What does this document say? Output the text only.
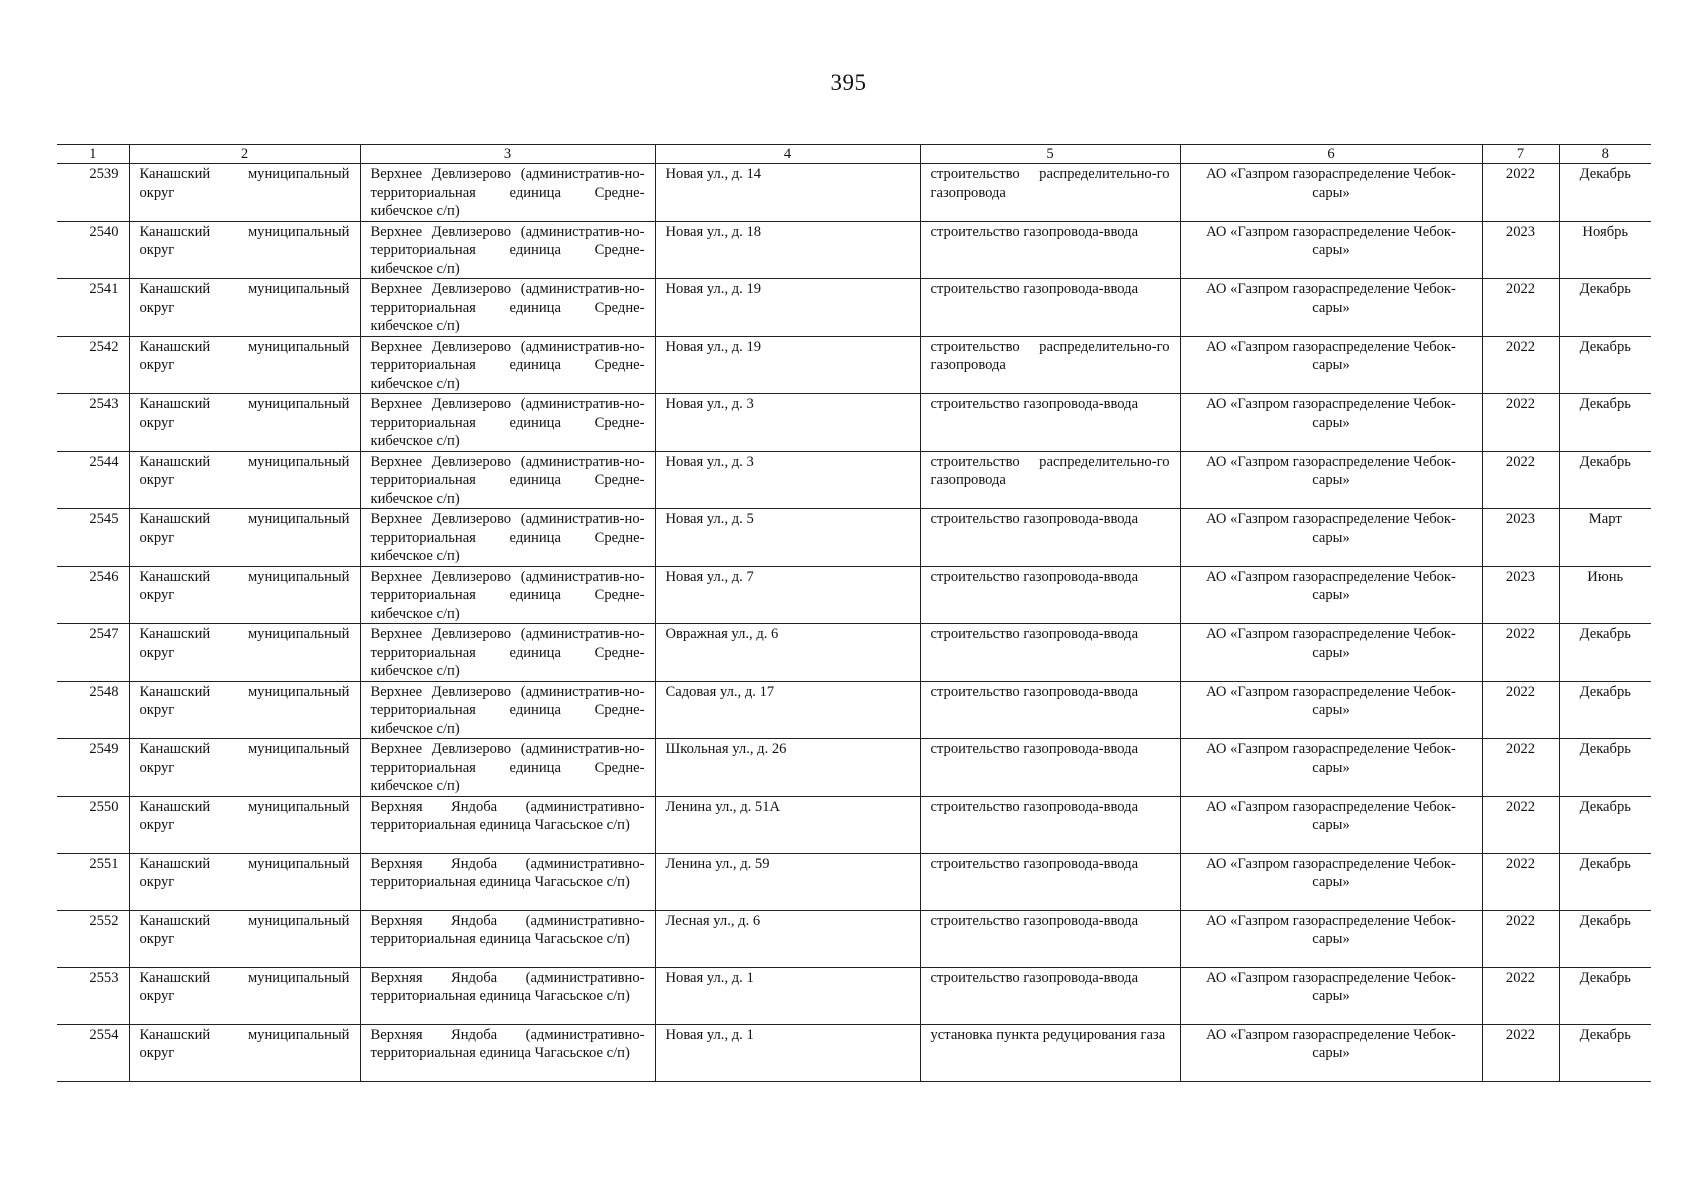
395
1	2	3	4	5	6	7	8
2539	Канашский муниципальный округ	Верхнее Девлизерово (административ-но-территориальная единица Средне-кибечское с/п)	Новая ул., д. 14	строительство распределительно-го газопровода	АО «Газпром газораспределение Чебок-сары»	2022	Декабрь
2540	Канашский муниципальный округ	Верхнее Девлизерово (административ-но-территориальная единица Средне-кибечское с/п)	Новая ул., д. 18	строительство газопровода-ввода	АО «Газпром газораспределение Чебок-сары»	2023	Ноябрь
2541	Канашский муниципальный округ	Верхнее Девлизерово (административ-но-территориальная единица Средне-кибечское с/п)	Новая ул., д. 19	строительство газопровода-ввода	АО «Газпром газораспределение Чебок-сары»	2022	Декабрь
2542	Канашский муниципальный округ	Верхнее Девлизерово (административ-но-территориальная единица Средне-кибечское с/п)	Новая ул., д. 19	строительство распределительно-го газопровода	АО «Газпром газораспределение Чебок-сары»	2022	Декабрь
2543	Канашский муниципальный округ	Верхнее Девлизерово (административ-но-территориальная единица Средне-кибечское с/п)	Новая ул., д. 3	строительство газопровода-ввода	АО «Газпром газораспределение Чебок-сары»	2022	Декабрь
2544	Канашский муниципальный округ	Верхнее Девлизерово (административ-но-территориальная единица Средне-кибечское с/п)	Новая ул., д. 3	строительство распределительно-го газопровода	АО «Газпром газораспределение Чебок-сары»	2022	Декабрь
2545	Канашский муниципальный округ	Верхнее Девлизерово (административ-но-территориальная единица Средне-кибечское с/п)	Новая ул., д. 5	строительство газопровода-ввода	АО «Газпром газораспределение Чебок-сары»	2023	Март
2546	Канашский муниципальный округ	Верхнее Девлизерово (административ-но-территориальная единица Средне-кибечское с/п)	Новая ул., д. 7	строительство газопровода-ввода	АО «Газпром газораспределение Чебок-сары»	2023	Июнь
2547	Канашский муниципальный округ	Верхнее Девлизерово (административ-но-территориальная единица Средне-кибечское с/п)	Овражная ул., д. 6	строительство газопровода-ввода	АО «Газпром газораспределение Чебок-сары»	2022	Декабрь
2548	Канашский муниципальный округ	Верхнее Девлизерово (административ-но-территориальная единица Средне-кибечское с/п)	Садовая ул., д. 17	строительство газопровода-ввода	АО «Газпром газораспределение Чебок-сары»	2022	Декабрь
2549	Канашский муниципальный округ	Верхнее Девлизерово (административ-но-территориальная единица Средне-кибечское с/п)	Школьная ул., д. 26	строительство газопровода-ввода	АО «Газпром газораспределение Чебок-сары»	2022	Декабрь
2550	Канашский муниципальный округ	Верхняя Яндоба (административно-территориальная единица Чагасьское с/п)	Ленина ул., д. 51А	строительство газопровода-ввода	АО «Газпром газораспределение Чебок-сары»	2022	Декабрь
2551	Канашский муниципальный округ	Верхняя Яндоба (административно-территориальная единица Чагасьское с/п)	Ленина ул., д. 59	строительство газопровода-ввода	АО «Газпром газораспределение Чебок-сары»	2022	Декабрь
2552	Канашский муниципальный округ	Верхняя Яндоба (административно-территориальная единица Чагасьское с/п)	Лесная ул., д. 6	строительство газопровода-ввода	АО «Газпром газораспределение Чебок-сары»	2022	Декабрь
2553	Канашский муниципальный округ	Верхняя Яндоба (административно-территориальная единица Чагасьское с/п)	Новая ул., д. 1	строительство газопровода-ввода	АО «Газпром газораспределение Чебок-сары»	2022	Декабрь
2554	Канашский муниципальный округ	Верхняя Яндоба (административно-территориальная единица Чагасьское с/п)	Новая ул., д. 1	установка пункта редуцирования газа	АО «Газпром газораспределение Чебок-сары»	2022	Декабрь
